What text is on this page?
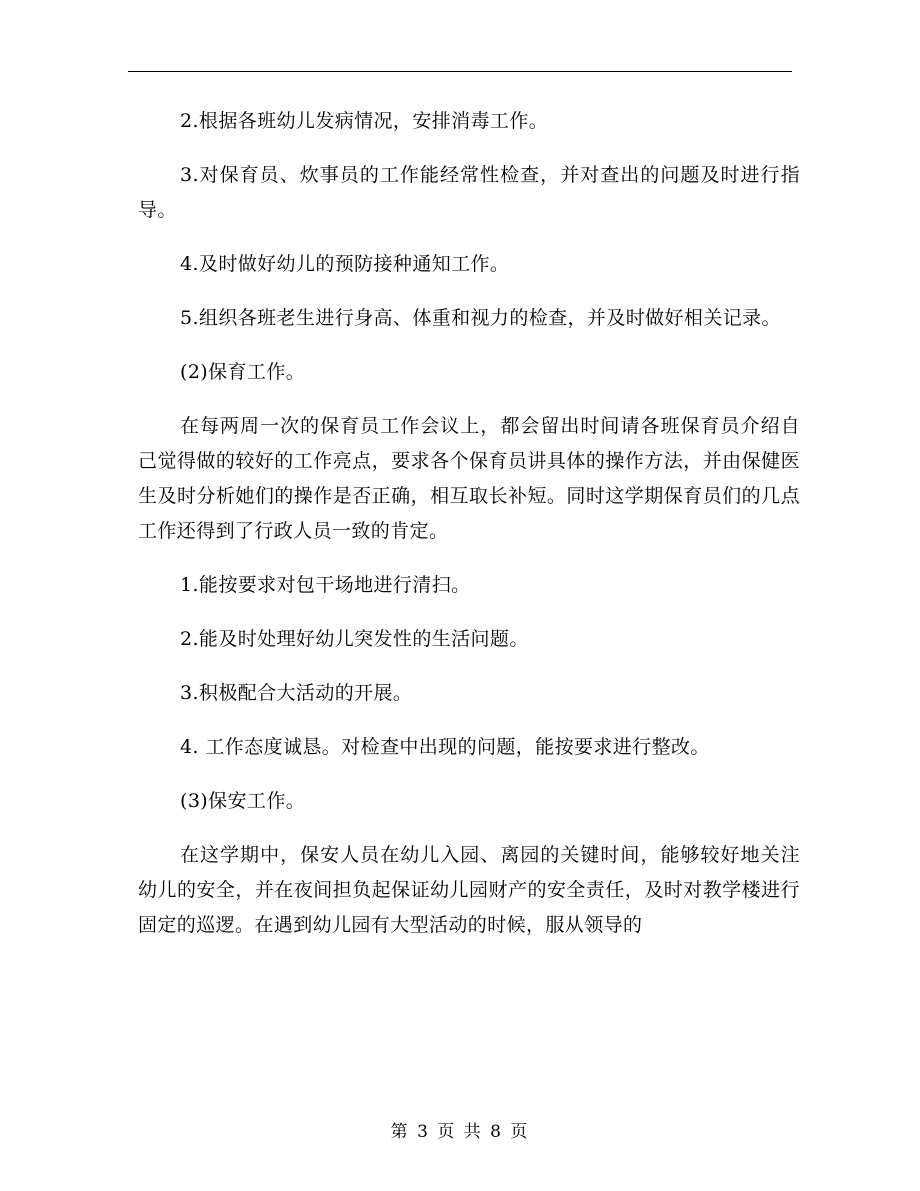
2.根据各班幼儿发病情况，安排消毒工作。

3.对保育员、炊事员的工作能经常性检查，并对查出的问题及时进行指导。

4.及时做好幼儿的预防接种通知工作。

5.组织各班老生进行身高、体重和视力的检查，并及时做好相关记录。

(2)保育工作。

在每两周一次的保育员工作会议上，都会留出时间请各班保育员介绍自己觉得做的较好的工作亮点，要求各个保育员讲具体的操作方法，并由保健医生及时分析她们的操作是否正确，相互取长补短。同时这学期保育员们的几点工作还得到了行政人员一致的肯定。

1.能按要求对包干场地进行清扫。

2.能及时处理好幼儿突发性的生活问题。

3.积极配合大活动的开展。

4. 工作态度诚恳。对检查中出现的问题，能按要求进行整改。

(3)保安工作。

在这学期中，保安人员在幼儿入园、离园的关键时间，能够较好地关注幼儿的安全，并在夜间担负起保证幼儿园财产的安全责任，及时对教学楼进行固定的巡逻。在遇到幼儿园有大型活动的时候，服从领导的

第 3 页 共 8 页
